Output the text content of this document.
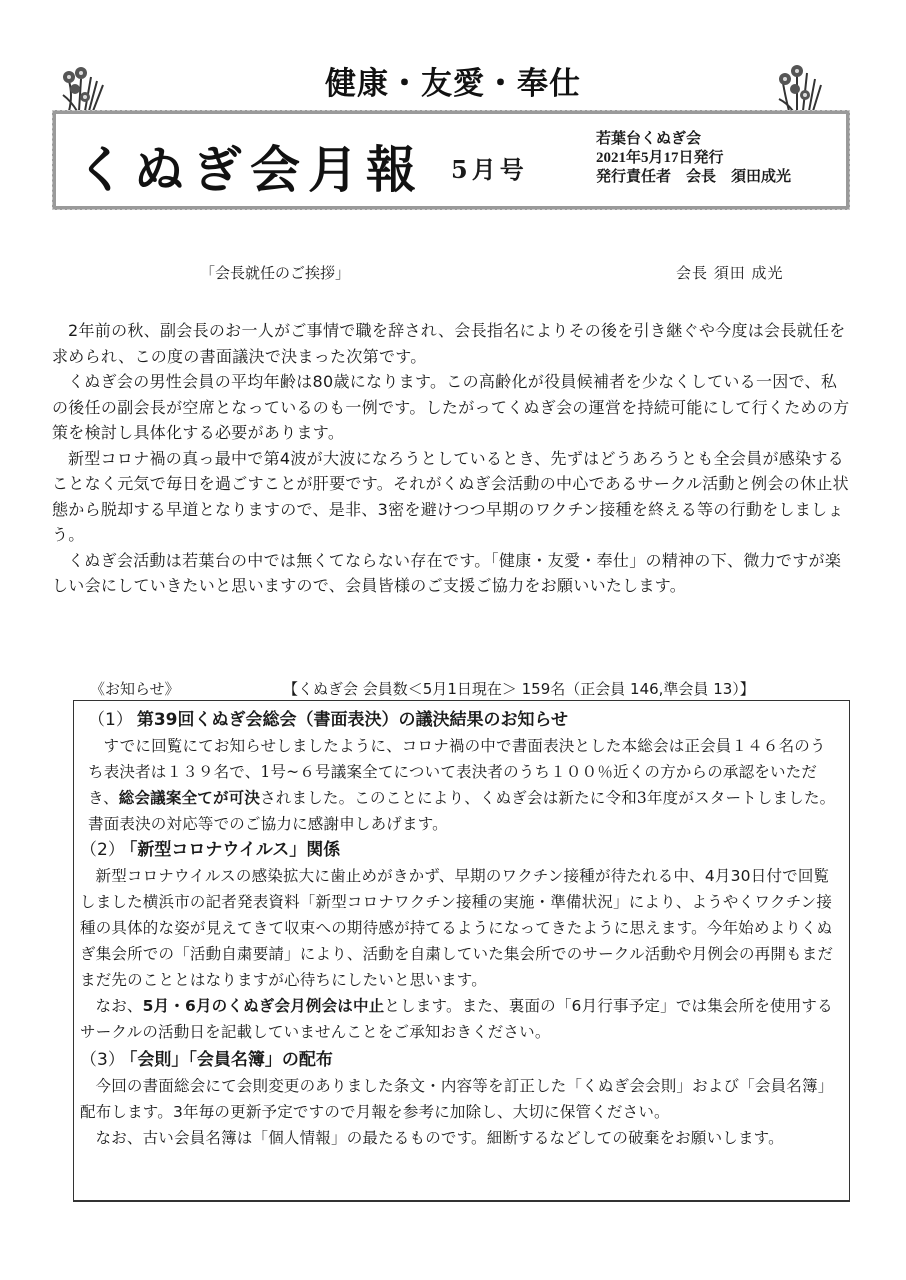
健康・友愛・奉仕
くぬぎ会月報 5月号
若葉台くぬぎ会
2021年5月17日発行
発行責任者　会長　須田成光
「会長就任のご挨拶」	会長 須田 成光

2年前の秋、副会長のお一人がご事情で職を辞され、会長指名によりその後を引き継ぐや今度は会長就任を求められ、この度の書面議決で決まった次第です。

くぬぎ会の男性会員の平均年齢は80歳になります。この高齢化が役員候補者を少なくしている一因で、私の後任の副会長が空席となっているのも一例です。したがってくぬぎ会の運営を持続可能にして行くための方策を検討し具体化する必要があります。

新型コロナ禍の真っ最中で第4波が大波になろうとしているとき、先ずはどうあろうとも全会員が感染することなく元気で毎日を過ごすことが肝要です。それがくぬぎ会活動の中心であるサークル活動と例会の休止状態から脱却する早道となりますので、是非、3密を避けつつ早期のワクチン接種を終える等の行動をしましょう。

くぬぎ会活動は若葉台の中では無くてならない存在です。「健康・友愛・奉仕」の精神の下、微力ですが楽しい会にしていきたいと思いますので、会員皆様のご支援ご協力をお願いいたします。

《お知らせ》	【くぬぎ会 会員数＜5月1日現在＞ 159名（正会員 146,準会員 13）】
（1） 第39回くぬぎ会総会（書面表決）の議決結果のお知らせ

すでに回覧にてお知らせしましたように、コロナ禍の中で書面表決とした本総会は正会員１４６名のうち表決者は１３９名で、1号~６号議案全てについて表決者のうち１００％近くの方からの承認をいただき、総会議案全てが可決されました。このことにより、くぬぎ会は新たに令和3年度がスタートしました。書面表決の対応等でのご協力に感謝申しあげます。

（2） 「新型コロナウイルス」関係

新型コロナウイルスの感染拡大に歯止めがきかず、早期のワクチン接種が待たれる中、4月30日付で回覧しました横浜市の記者発表資料「新型コロナワクチン接種の実施・準備状況」により、ようやくワクチン接種の具体的な姿が見えてきて収束への期待感が持てるようになってきたように思えます。今年始めよりくぬぎ集会所での「活動自粛要請」により、活動を自粛していた集会所でのサークル活動や月例会の再開もまだまだ先のこととはなりますが心待ちにしたいと思います。

なお、5月・6月のくぬぎ会月例会は中止とします。また、裏面の「6月行事予定」では集会所を使用するサークルの活動日を記載していませんことをご承知おきください。

（3） 「会則」「会員名簿」の配布

今回の書面総会にて会則変更のありました条文・内容等を訂正した「くぬぎ会会則」および「会員名簿」配布します。3年毎の更新予定ですので月報を参考に加除し、大切に保管ください。

なお、古い会員名簿は「個人情報」の最たるものです。細断するなどしての破棄をお願いします。
